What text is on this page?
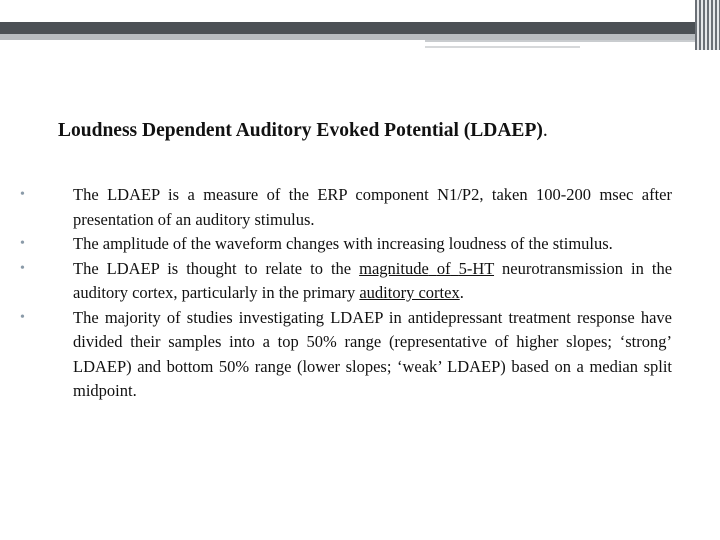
Loudness Dependent Auditory Evoked Potential (LDAEP).
•	The LDAEP is a measure of the ERP component N1/P2, taken 100-200 msec after presentation of an auditory stimulus.
•	The amplitude of the waveform changes with increasing loudness of the stimulus.
•	The LDAEP is thought to relate to the magnitude of 5-HT neurotransmission in the auditory cortex, particularly in the primary auditory cortex.
•	The majority of studies investigating LDAEP in antidepressant treatment response have divided their samples into a top 50% range (representative of higher slopes; ‘strong’ LDAEP) and bottom 50% range (lower slopes; ‘weak’ LDAEP) based on a median split midpoint.
